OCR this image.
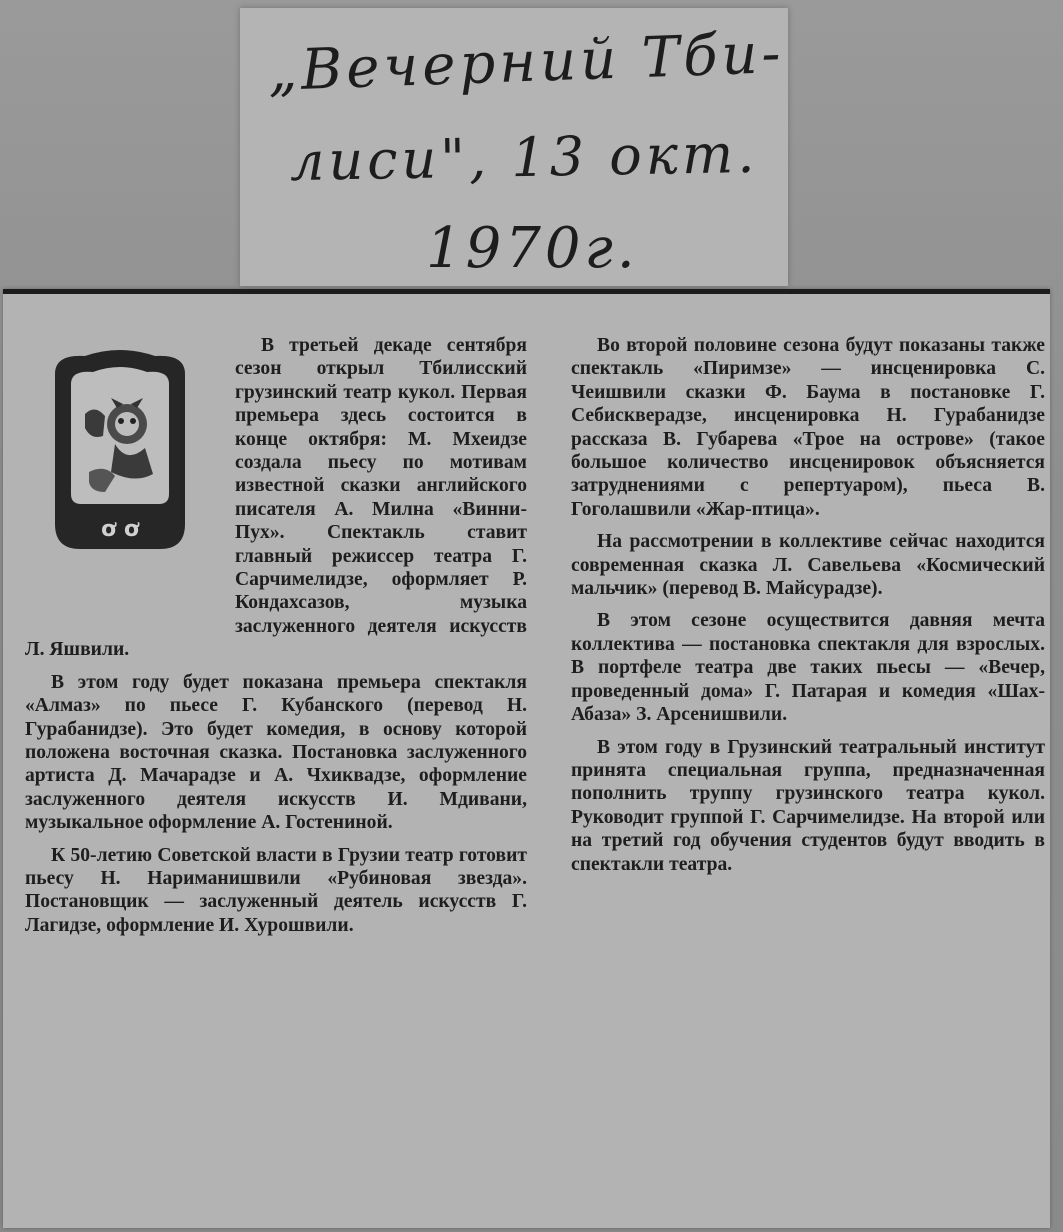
„Вечерний Тби-
лиси", 13 окт.
1970г.
ơ ơ

В третьей декаде сентября сезон открыл Тбилисский грузинский театр кукол. Первая премьера здесь состоится в конце октября: М. Мхеидзе создала пьесу по мотивам известной сказки английского писателя А. Милна «Винни-Пух». Спектакль ставит главный режиссер театра Г. Сарчимелидзе, оформляет Р. Кондахсазов, музыка заслуженного деятеля искусств Л. Яшвили.

В этом году будет показана премьера спектакля «Алмаз» по пьесе Г. Кубанского (перевод Н. Гурабанидзе). Это будет комедия, в основу которой положена восточная сказка. Постановка заслуженного артиста Д. Мачарадзе и А. Чхиквадзе, оформление заслуженного деятеля искусств И. Мдивани, музыкальное оформление А. Гостениной.

К 50-летию Советской власти в Грузии театр готовит пьесу Н. Нариманишвили «Рубиновая звезда». Постановщик — заслуженный деятель искусств Г. Лагидзе, оформление И. Хурошвили.

Во второй половине сезона будут показаны также спектакль «Пиримзе» — инсценировка С. Чеишвили сказки Ф. Баума в постановке Г. Себискверадзе, инсценировка Н. Гурабанидзе рассказа В. Губарева «Трое на острове» (такое большое количество инсценировок объясняется затруднениями с репертуаром), пьеса В. Гоголашвили «Жар-птица».

На рассмотрении в коллективе сейчас находится современная сказка Л. Савельева «Космический мальчик» (перевод В. Майсурадзе).

В этом сезоне осуществится давняя мечта коллектива — постановка спектакля для взрослых. В портфеле театра две таких пьесы — «Вечер, проведенный дома» Г. Патарая и комедия «Шах-Абаза» З. Арсенишвили.

В этом году в Грузинский театральный институт принята специальная группа, предназначенная пополнить труппу грузинского театра кукол. Руководит группой Г. Сарчимелидзе. На второй или на третий год обучения студентов будут вводить в спектакли театра.
